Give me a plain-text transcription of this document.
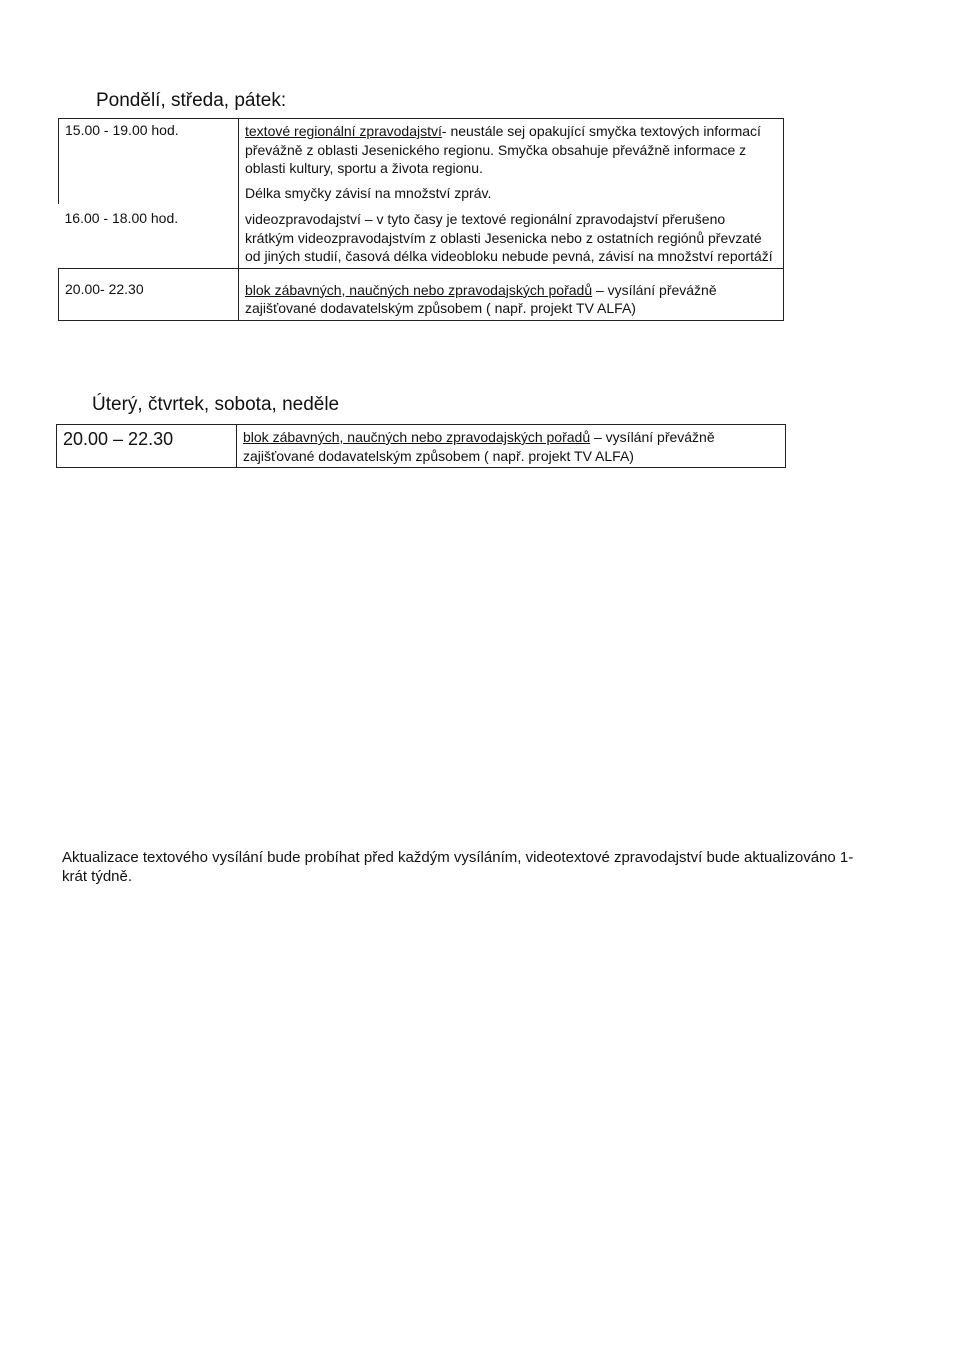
Pondělí, středa, pátek:
15.00 - 19.00 hod.	textové regionální zpravodajství- neustále sej opakující smyčka textových informací převážně z oblasti Jesenického regionu. Smyčka obsahuje převážně informace z oblasti kultury, sportu a života regionu.
Délka smyčky závisí na množství zpráv.
16.00 - 18.00 hod.	videozpravodajství – v tyto časy je textové regionální zpravodajství přerušeno krátkým videozpravodajstvím z oblasti Jesenicka nebo z ostatních regiónů převzaté od jiných studií, časová délka videobloku nebude pevná, závisí na množství reportáží
20.00- 22.30	blok zábavných, naučných nebo zpravodajských pořadů – vysílání převážně zajišťované dodavatelským způsobem ( např. projekt TV ALFA)
Úterý, čtvrtek, sobota, neděle
20.00 – 22.30	blok zábavných, naučných nebo zpravodajských pořadů – vysílání převážně zajišťované dodavatelským způsobem ( např. projekt TV ALFA)
Aktualizace textového vysílání bude probíhat před každým vysíláním, videotextové zpravodajství bude aktualizováno 1-krát týdně.
